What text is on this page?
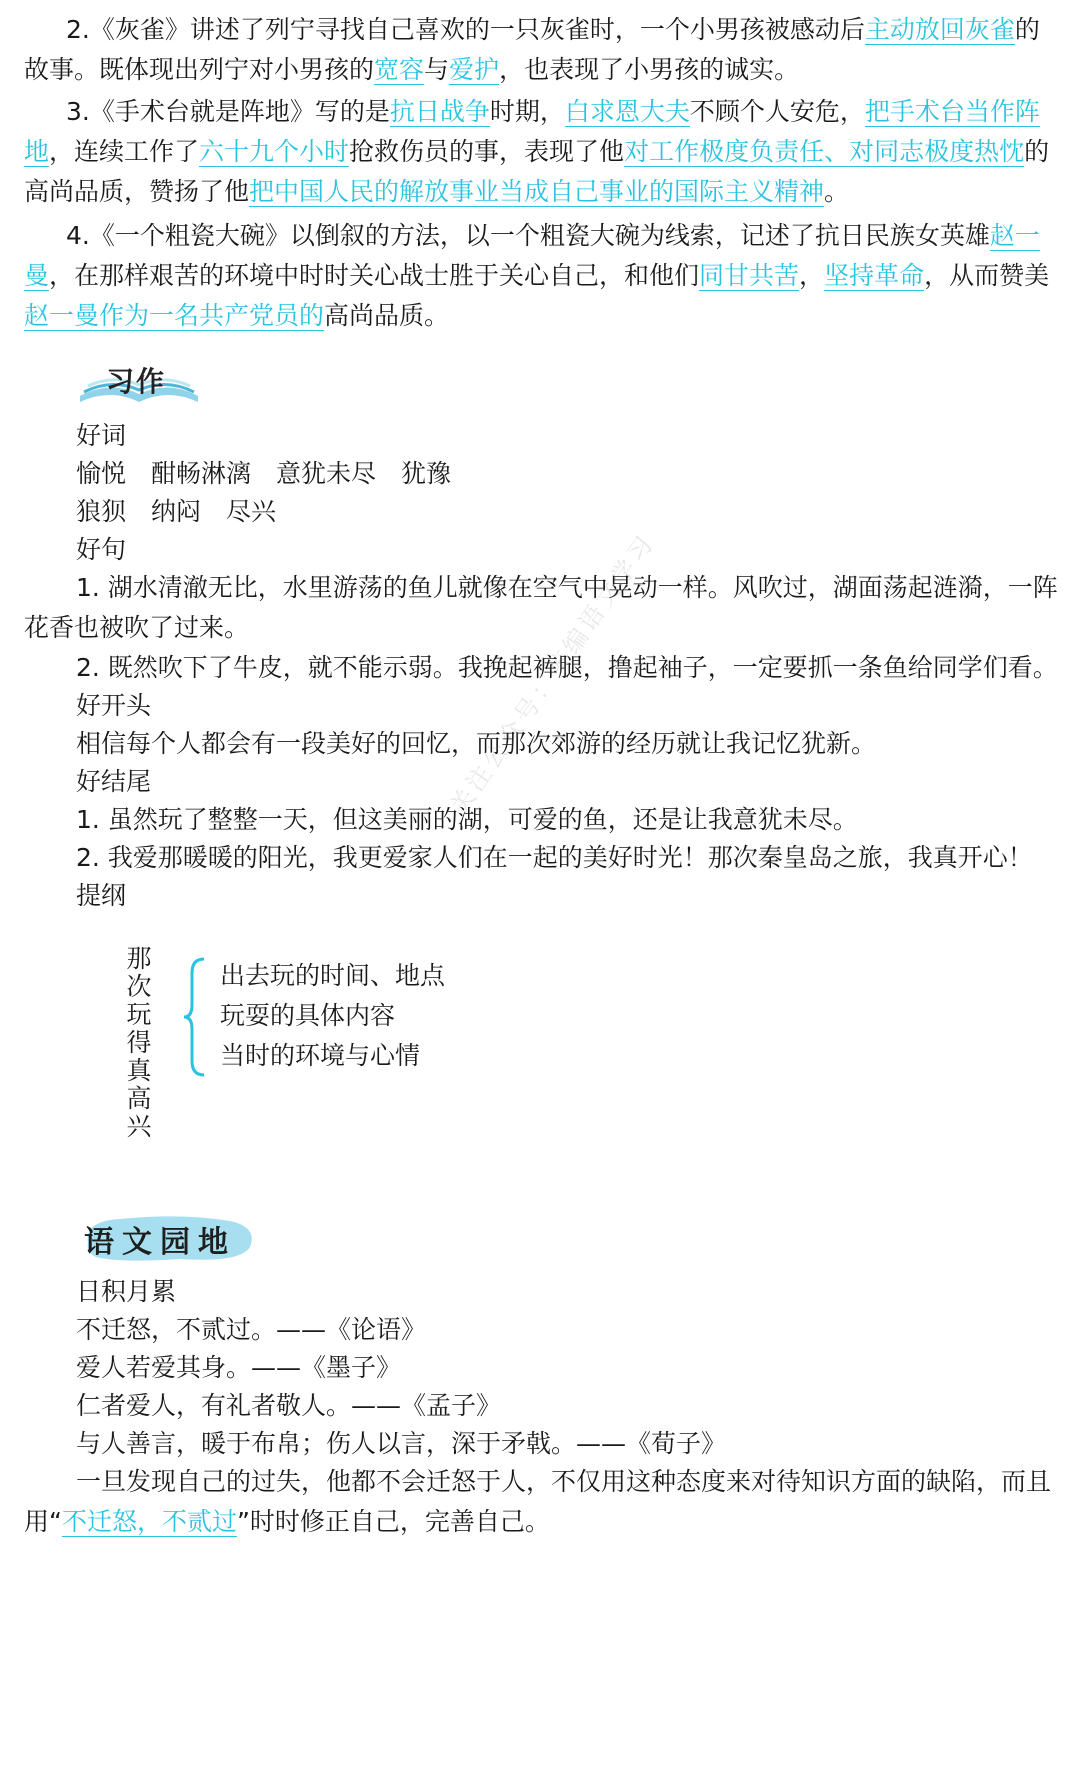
2.《灰雀》讲述了列宁寻找自己喜欢的一只灰雀时，一个小男孩被感动后主动放回灰雀的故事。既体现出列宁对小男孩的宽容与爱护，也表现了小男孩的诚实。

3.《手术台就是阵地》写的是抗日战争时期，白求恩大夫不顾个人安危，把手术台当作阵地，连续工作了六十九个小时抢救伤员的事，表现了他对工作极度负责任、对同志极度热忱的高尚品质，赞扬了他把中国人民的解放事业当成自己事业的国际主义精神。

4.《一个粗瓷大碗》以倒叙的方法，以一个粗瓷大碗为线索，记述了抗日民族女英雄赵一曼，在那样艰苦的环境中时时关心战士胜于关心自己，和他们同甘共苦，坚持革命，从而赞美赵一曼作为一名共产党员的高尚品质。

习作
好词
愉悦　酣畅淋漓　意犹未尽　犹豫
狼狈　纳闷　尽兴
好句

1. 湖水清澈无比，水里游荡的鱼儿就像在空气中晃动一样。风吹过，湖面荡起涟漪，一阵花香也被吹了过来。

2. 既然吹下了牛皮，就不能示弱。我挽起裤腿，撸起袖子，一定要抓一条鱼给同学们看。
好开头
相信每个人都会有一段美好的回忆，而那次郊游的经历就让我记忆犹新。
好结尾
1. 虽然玩了整整一天，但这美丽的湖，可爱的鱼，还是让我意犹未尽。
2. 我爱那暖暖的阳光，我更爱家人们在一起的美好时光！那次秦皇岛之旅，我真开心！
提纲
那
次
玩
得
真
高
兴
出去玩的时间、地点
玩耍的具体内容
当时的环境与心情
语文园地
日积月累
不迁怒，不贰过。——《论语》
爱人若爱其身。——《墨子》
仁者爱人，有礼者敬人。——《孟子》
与人善言，暖于布帛；伤人以言，深于矛戟。——《荀子》

一旦发现自己的过失，他都不会迁怒于人，不仅用这种态度来对待知识方面的缺陷，而且用“不迁怒，不贰过”时时修正自己，完善自己。

关注公众号：统编语文学习
